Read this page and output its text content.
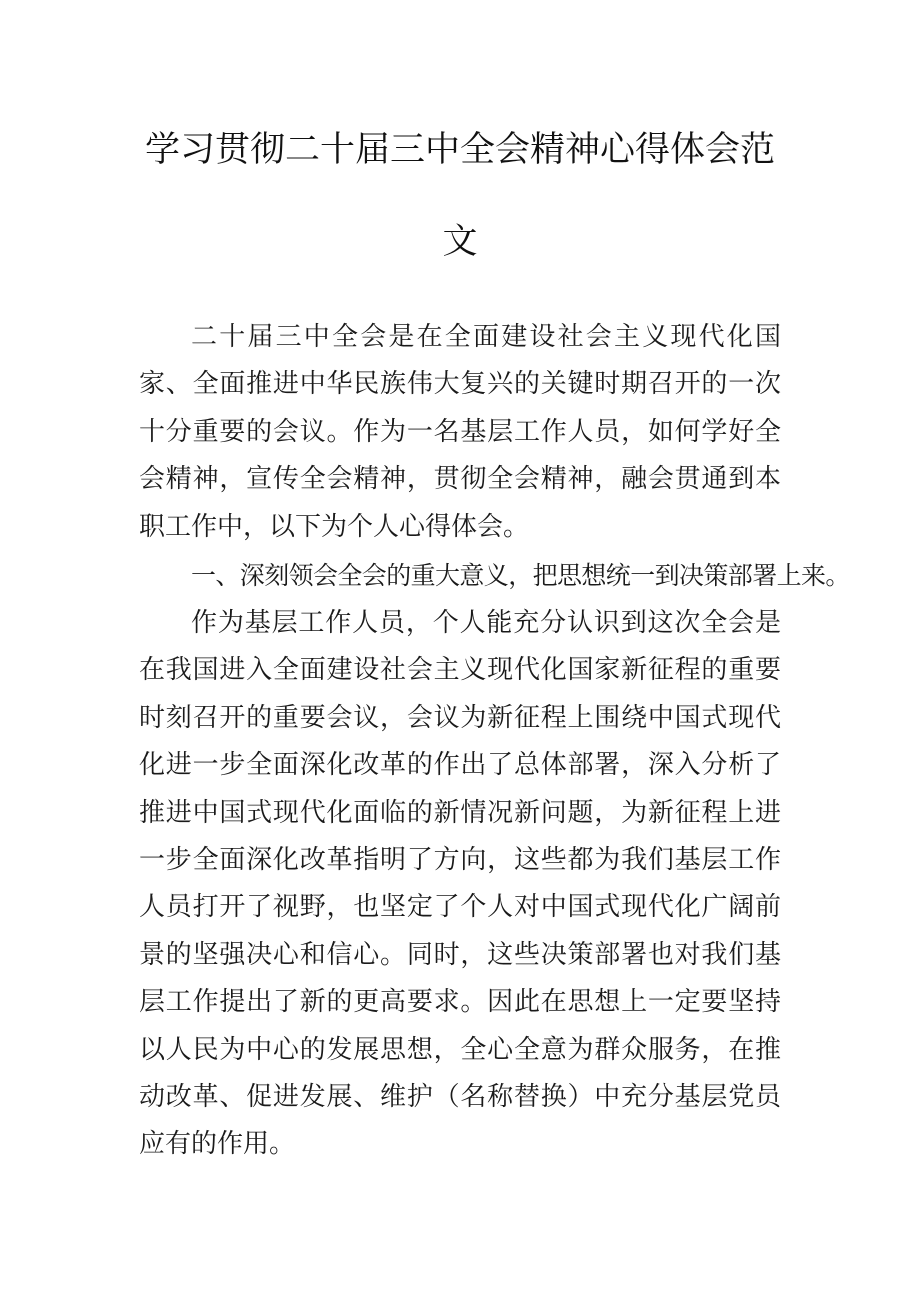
学习贯彻二十届三中全会精神心得体会范
文

二十届三中全会是在全面建设社会主义现代化国家、全面推进中华民族伟大复兴的关键时期召开的一次十分重要的会议。作为一名基层工作人员，如何学好全会精神，宣传全会精神，贯彻全会精神，融会贯通到本职工作中，以下为个人心得体会。

一、深刻领会全会的重大意义，把思想统一到决策部署上来。

作为基层工作人员，个人能充分认识到这次全会是在我国进入全面建设社会主义现代化国家新征程的重要时刻召开的重要会议，会议为新征程上围绕中国式现代化进一步全面深化改革的作出了总体部署，深入分析了推进中国式现代化面临的新情况新问题，为新征程上进一步全面深化改革指明了方向，这些都为我们基层工作人员打开了视野，也坚定了个人对中国式现代化广阔前景的坚强决心和信心。同时，这些决策部署也对我们基层工作提出了新的更高要求。因此在思想上一定要坚持以人民为中心的发展思想，全心全意为群众服务，在推动改革、促进发展、维护（名称替换）中充分基层党员应有的作用。
